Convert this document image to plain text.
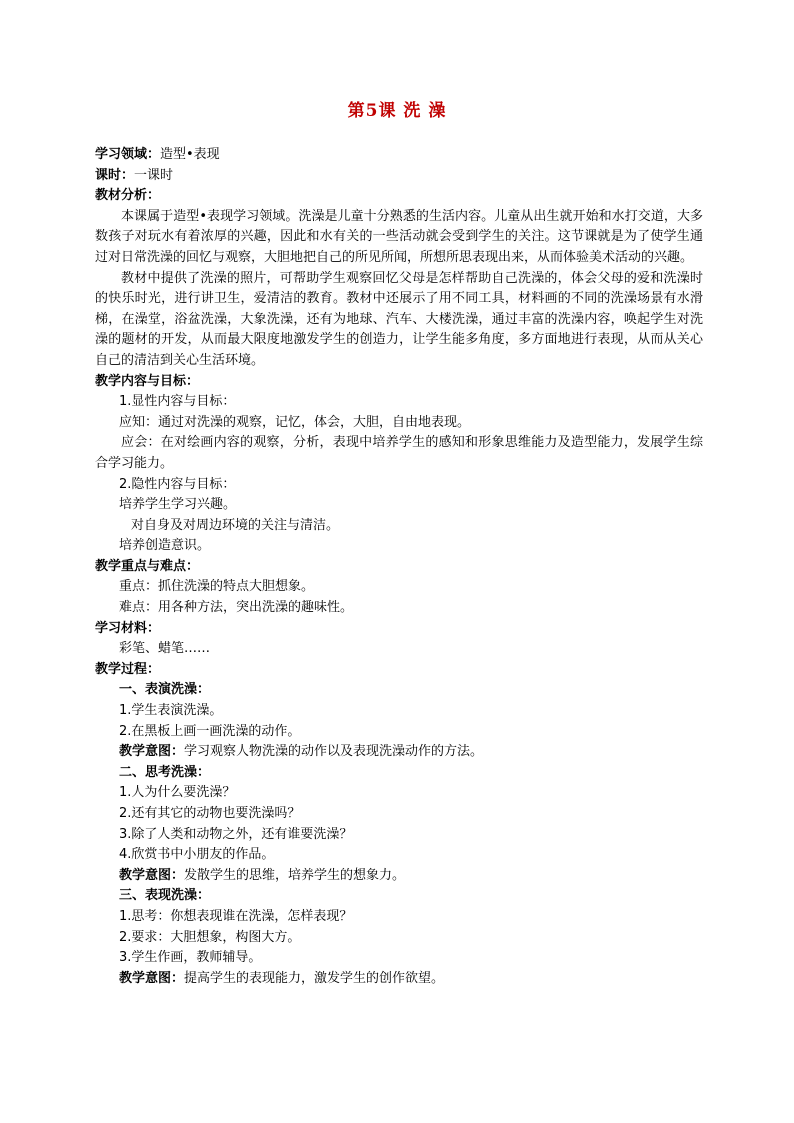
第5课 洗 澡
学习领域：造型•表现
课时：一课时
教材分析：
本课属于造型•表现学习领域。洗澡是儿童十分熟悉的生活内容。儿童从出生就开始和水打交道，大多数孩子对玩水有着浓厚的兴趣，因此和水有关的一些活动就会受到学生的关注。这节课就是为了使学生通过对日常洗澡的回忆与观察，大胆地把自己的所见所闻，所想所思表现出来，从而体验美术活动的兴趣。
教材中提供了洗澡的照片，可帮助学生观察回忆父母是怎样帮助自己洗澡的，体会父母的爱和洗澡时的快乐时光，进行讲卫生，爱清洁的教育。教材中还展示了用不同工具，材料画的不同的洗澡场景有水滑梯，在澡堂，浴盆洗澡，大象洗澡，还有为地球、汽车、大楼洗澡，通过丰富的洗澡内容，唤起学生对洗澡的题材的开发，从而最大限度地激发学生的创造力，让学生能多角度，多方面地进行表现，从而从关心自己的清洁到关心生活环境。
教学内容与目标：
1.显性内容与目标：
应知：通过对洗澡的观察，记忆，体会，大胆，自由地表现。
应会：在对绘画内容的观察，分析，表现中培养学生的感知和形象思维能力及造型能力，发展学生综合学习能力。
2.隐性内容与目标：
培养学生学习兴趣。
对自身及对周边环境的关注与清洁。
培养创造意识。
教学重点与难点：
重点：抓住洗澡的特点大胆想象。
难点：用各种方法，突出洗澡的趣味性。
学习材料：
彩笔、蜡笔……
教学过程：
一、表演洗澡：
1.学生表演洗澡。
2.在黑板上画一画洗澡的动作。
教学意图：学习观察人物洗澡的动作以及表现洗澡动作的方法。
二、思考洗澡：
1.人为什么要洗澡？
2.还有其它的动物也要洗澡吗？
3.除了人类和动物之外，还有谁要洗澡？
4.欣赏书中小朋友的作品。
教学意图：发散学生的思维，培养学生的想象力。
三、表现洗澡：
1.思考：你想表现谁在洗澡，怎样表现？
2.要求：大胆想象，构图大方。
3.学生作画，教师辅导。
教学意图：提高学生的表现能力，激发学生的创作欲望。
